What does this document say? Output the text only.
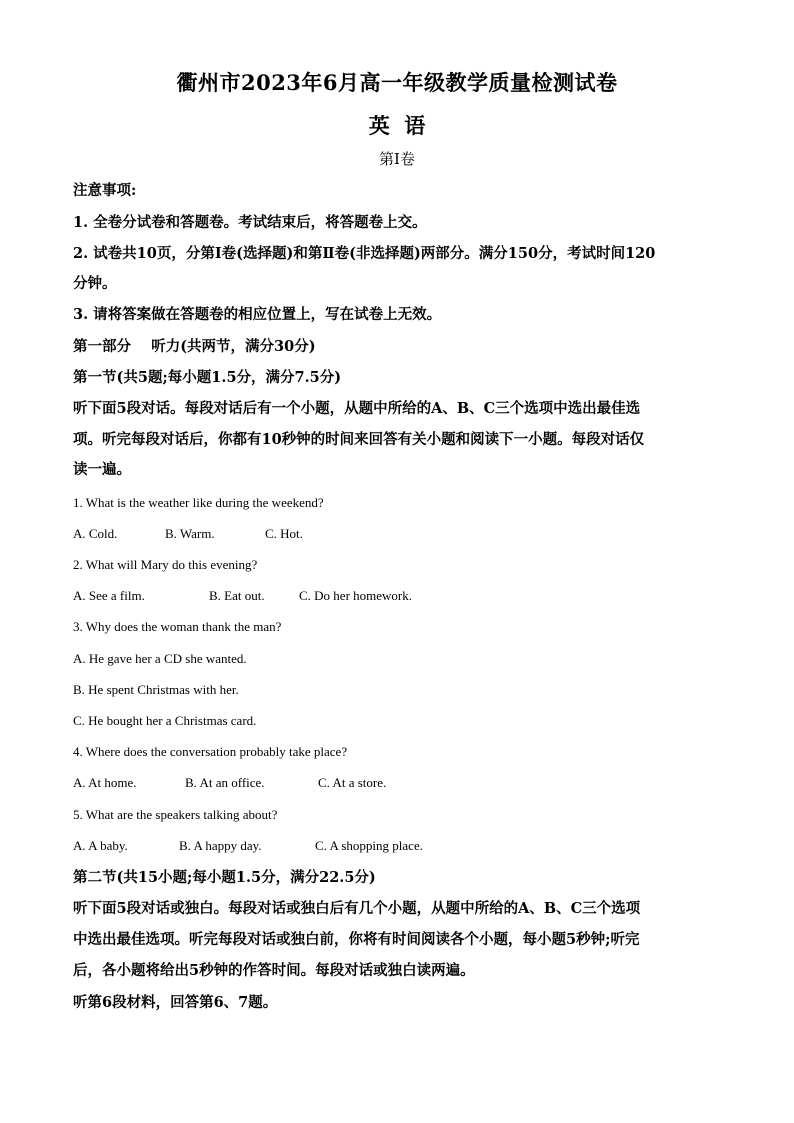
衢州市2023年6月高一年级教学质量检测试卷
英  语
第I卷
注意事项:
1. 全卷分试卷和答题卷。考试结束后，将答题卷上交。
2. 试卷共10页，分第Ⅰ卷(选择题)和第Ⅱ卷(非选择题)两部分。满分150分，考试时间120
分钟。
3. 请将答案做在答题卷的相应位置上，写在试卷上无效。
第一部分    听力(共两节，满分30分)
第一节(共5题;每小题1.5分，满分7.5分)
听下面5段对话。每段对话后有一个小题，从题中所给的A、B、C三个选项中选出最佳选
项。听完每段对话后，你都有10秒钟的时间来回答有关小题和阅读下一小题。每段对话仅
读一遍。
1. What is the weather like during the weekend?
A. Cold.	B. Warm.	C. Hot.
2. What will Mary do this evening?
A. See a film.	B. Eat out.	C. Do her homework.
3. Why does the woman thank the man?
A. He gave her a CD she wanted.
B. He spent Christmas with her.
C. He bought her a Christmas card.
4. Where does the conversation probably take place?
A. At home.	B. At an office.	C. At a store.
5. What are the speakers talking about?
A. A baby.	B. A happy day.	C. A shopping place.
第二节(共15小题;每小题1.5分，满分22.5分)
听下面5段对话或独白。每段对话或独白后有几个小题，从题中所给的A、B、C三个选项
中选出最佳选项。听完每段对话或独白前，你将有时间阅读各个小题，每小题5秒钟;听完
后，各小题将给出5秒钟的作答时间。每段对话或独白读两遍。
听第6段材料，回答第6、7题。
